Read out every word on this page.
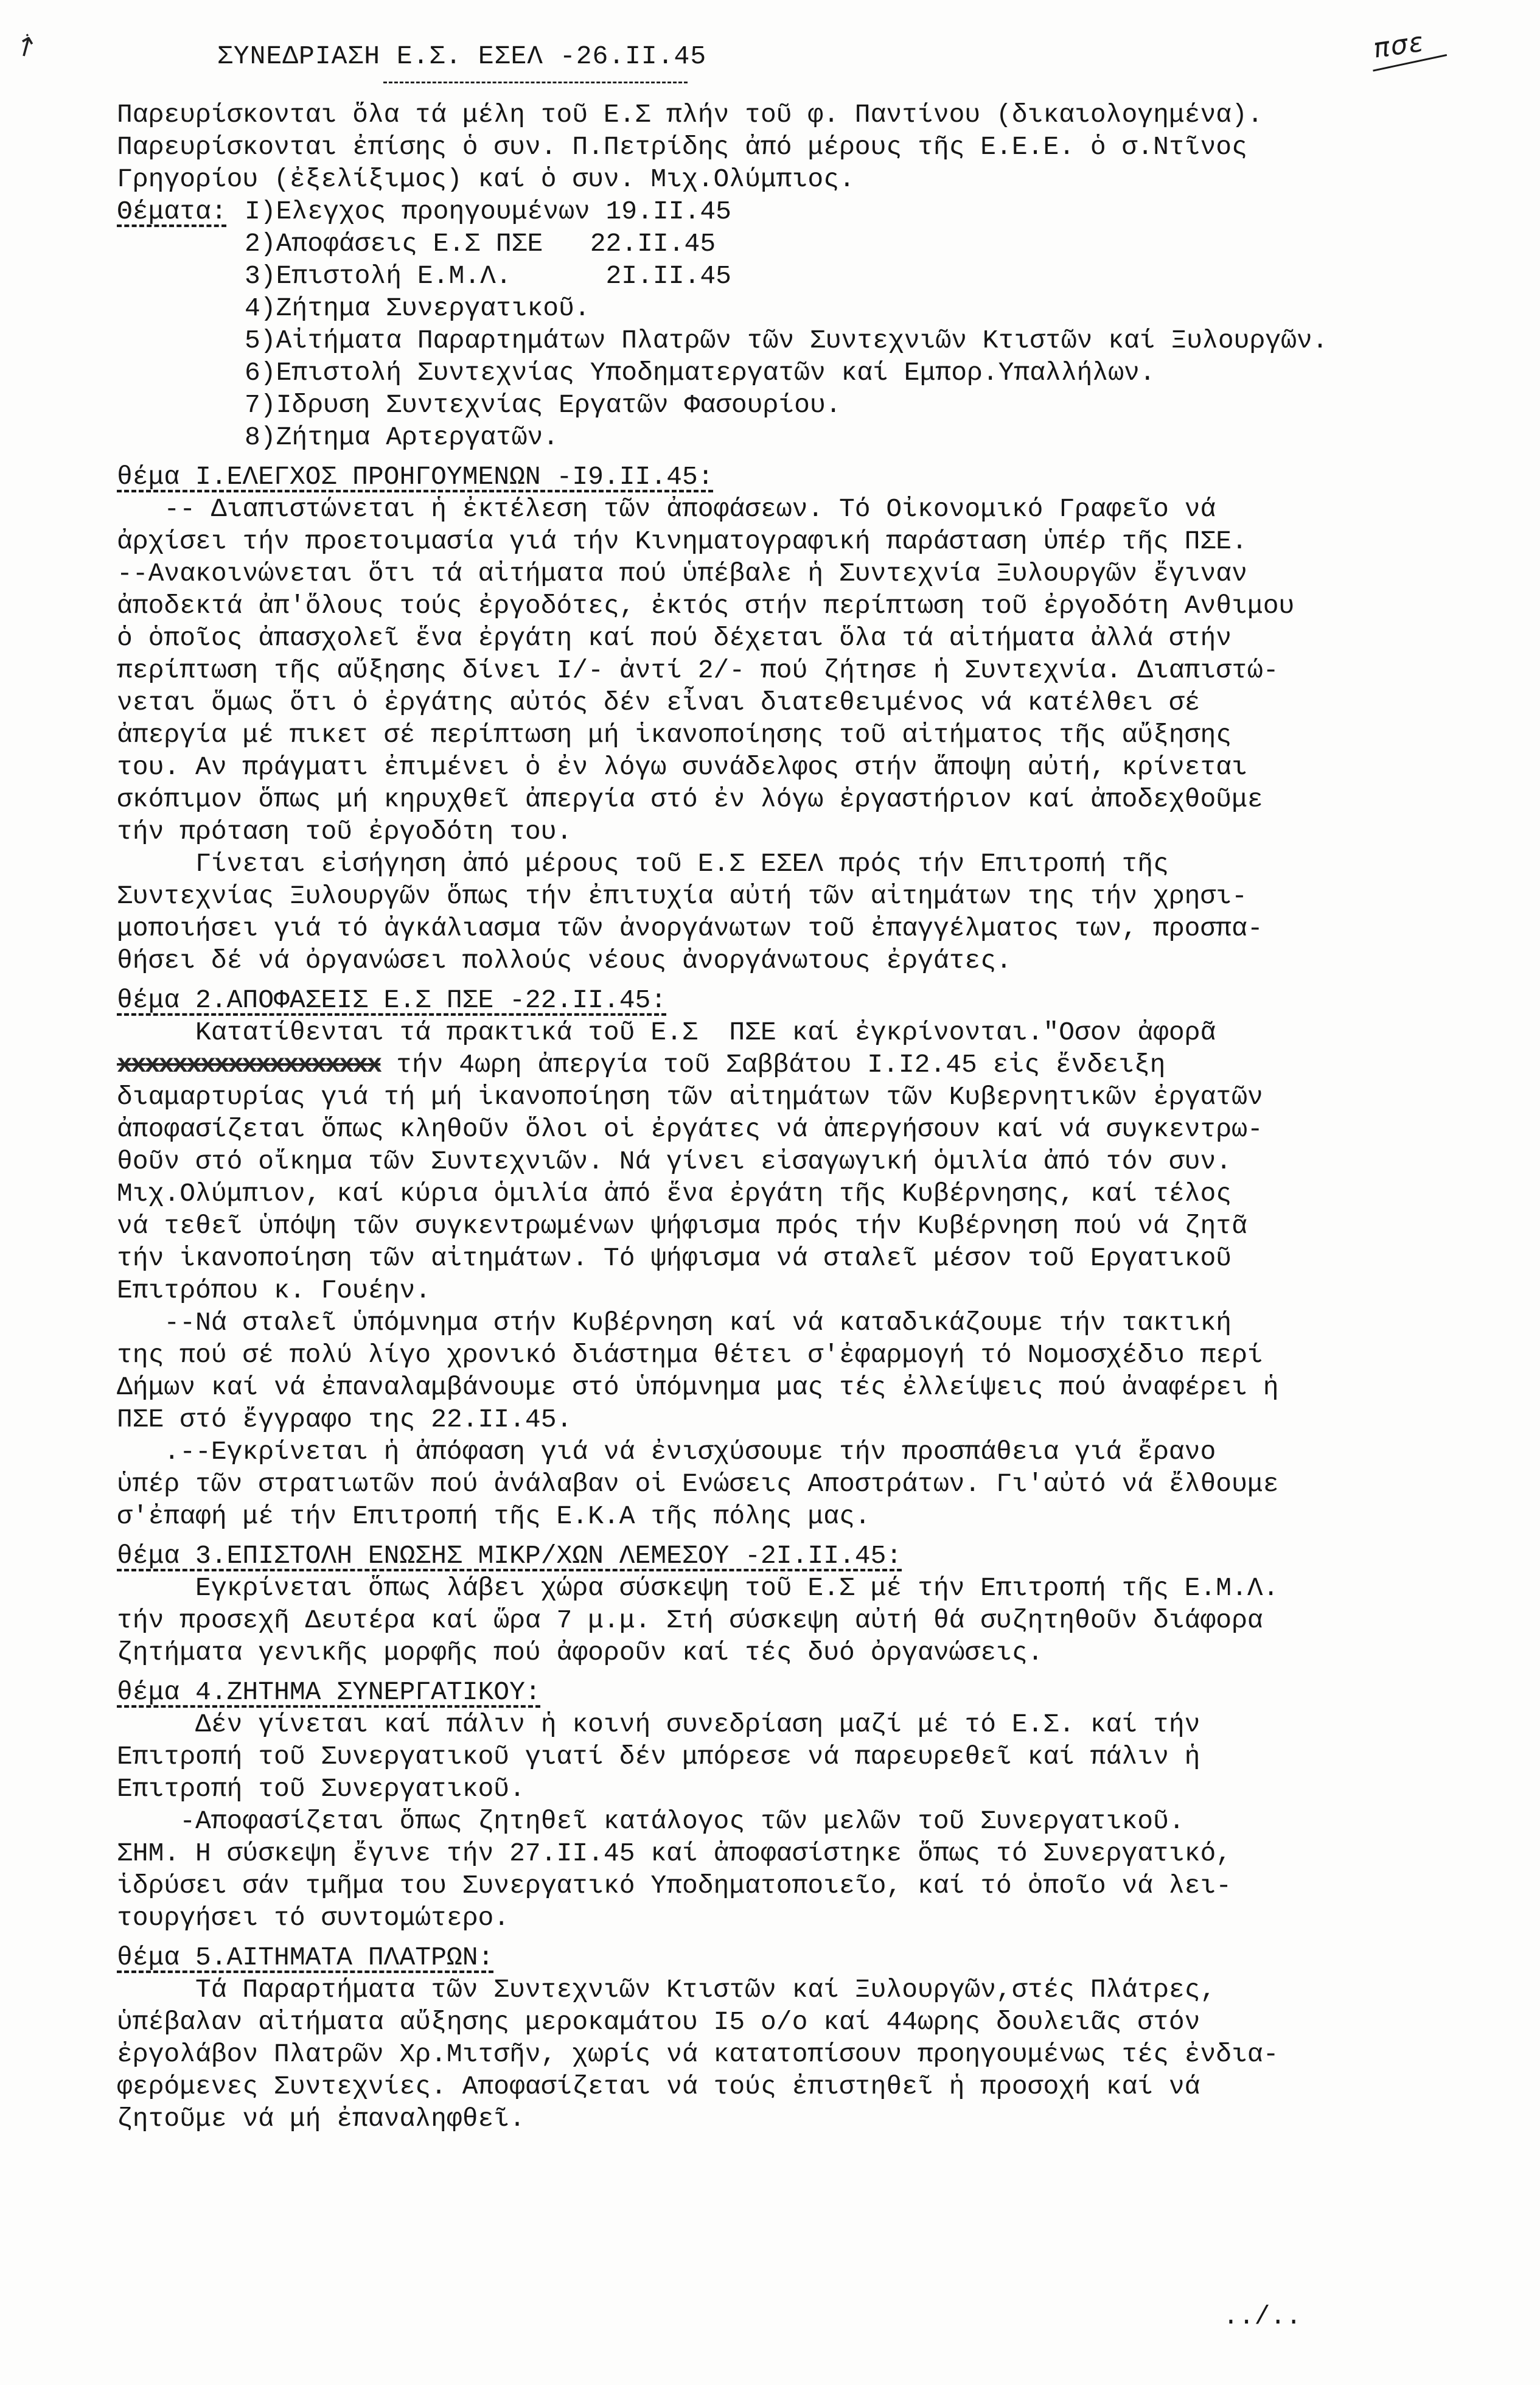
ׁ↗	ΣΥΝΕΔΡΙΑΣΗ Ε.Σ. ΕΣΕΛ -26.ΙΙ.45	πσε
Παρευρίσκονται ὅλα τά μέλη τοῦ Ε.Σ πλήν τοῦ φ. Παντίνου (δικαιολογημένα).
Παρευρίσκονται ἐπίσης ὁ συν. Π.Πετρίδης ἀπό μέρους τῆς Ε.Ε.Ε. ὁ σ.Ντῖνος
Γρηγορίου (ἐξελίξιμος) καί ὁ συν. Μιχ.Ολύμπιος.
Θέματα: Ι)Ελεγχος προηγουμένων 19.ΙΙ.45
2)Αποφάσεις Ε.Σ ΠΣΕ   22.ΙΙ.45
3)Επιστολή Ε.Μ.Λ.      2Ι.ΙΙ.45
4)Ζήτημα Συνεργατικοῦ.
5)Αἰτήματα Παραρτημάτων Πλατρῶν τῶν Συντεχνιῶν Κτιστῶν καί Ξυλουργῶν.
6)Επιστολή Συντεχνίας Υποδηματεργατῶν καί Εμπορ.Υπαλλήλων.
7)Ιδρυση Συντεχνίας Εργατῶν Φασουρίου.
8)Ζήτημα Αρτεργατῶν.
θέμα Ι.ΕΛΕΓΧΟΣ ΠΡΟΗΓΟΥΜΕΝΩΝ -Ι9.ΙΙ.45:
-- Διαπιστώνεται ἡ ἐκτέλεση τῶν ἀποφάσεων. Τό Οἰκονομικό Γραφεῖο νά
ἀρχίσει τήν προετοιμασία γιά τήν Κινηματογραφική παράσταση ὑπέρ τῆς ΠΣΕ.
--Ανακοινώνεται ὅτι τά αἰτήματα πού ὑπέβαλε ἡ Συντεχνία Ξυλουργῶν ἔγιναν
ἀποδεκτά ἀπ'ὅλους τούς ἐργοδότες, ἐκτός στήν περίπτωση τοῦ ἐργοδότη Ανθιμου
ὁ ὁποῖος ἀπασχολεῖ ἕνα ἐργάτη καί πού δέχεται ὅλα τά αἰτήματα ἀλλά στήν
περίπτωση τῆς αὔξησης δίνει Ι/- ἀντί 2/- πού ζήτησε ἡ Συντεχνία. Διαπιστώ-
νεται ὅμως ὅτι ὁ ἐργάτης αὐτός δέν εἶναι διατεθειμένος νά κατέλθει σέ
ἀπεργία μέ πικετ σέ περίπτωση μή ἱκανοποίησης τοῦ αἰτήματος τῆς αὔξησης
του. Αν πράγματι ἐπιμένει ὁ ἐν λόγω συνάδελφος στήν ἄποψη αὐτή, κρίνεται
σκόπιμον ὅπως μή κηρυχθεῖ ἀπεργία στό ἐν λόγω ἐργαστήριον καί ἀποδεχθοῦμε
τήν πρόταση τοῦ ἐργοδότη του.
Γίνεται εἰσήγηση ἀπό μέρους τοῦ Ε.Σ ΕΣΕΛ πρός τήν Επιτροπή τῆς
Συντεχνίας Ξυλουργῶν ὅπως τήν ἐπιτυχία αὐτή τῶν αἰτημάτων της τήν χρησι-
μοποιήσει γιά τό ἀγκάλιασμα τῶν ἀνοργάνωτων τοῦ ἐπαγγέλματος των, προσπα-
θήσει δέ νά ὀργανώσει πολλούς νέους ἀνοργάνωτους ἐργάτες.
θέμα 2.ΑΠΟΦΑΣΕΙΣ Ε.Σ ΠΣΕ -22.ΙΙ.45:
Κατατίθενται τά πρακτικά τοῦ Ε.Σ  ΠΣΕ καί ἐγκρίνονται."Οσον ἀφορᾶ
xxxxxxxxxxxxxxxxxxx τήν 4ωρη ἀπεργία τοῦ Σαββάτου Ι.Ι2.45 εἰς ἔνδειξη
διαμαρτυρίας γιά τή μή ἱκανοποίηση τῶν αἰτημάτων τῶν Κυβερνητικῶν ἐργατῶν
ἀποφασίζεται ὅπως κληθοῦν ὅλοι οἱ ἐργάτες νά ἀπεργήσουν καί νά συγκεντρω-
θοῦν στό οἴκημα τῶν Συντεχνιῶν. Νά γίνει εἰσαγωγική ὁμιλία ἀπό τόν συν.
Μιχ.Ολύμπιον, καί κύρια ὁμιλία ἀπό ἕνα ἐργάτη τῆς Κυβέρνησης, καί τέλος
νά τεθεῖ ὑπόψη τῶν συγκεντρωμένων ψήφισμα πρός τήν Κυβέρνηση πού νά ζητᾶ
τήν ἱκανοποίηση τῶν αἰτημάτων. Τό ψήφισμα νά σταλεῖ μέσον τοῦ Εργατικοῦ
Επιτρόπου κ. Γουέην.
--Νά σταλεῖ ὑπόμνημα στήν Κυβέρνηση καί νά καταδικάζουμε τήν τακτική
της πού σέ πολύ λίγο χρονικό διάστημα θέτει σ'ἐφαρμογή τό Νομοσχέδιο περί
Δήμων καί νά ἐπαναλαμβάνουμε στό ὑπόμνημα μας τές ἐλλείψεις πού ἀναφέρει ἡ
ΠΣΕ στό ἔγγραφο της 22.ΙΙ.45.
.--Εγκρίνεται ἡ ἀπόφαση γιά νά ἐνισχύσουμε τήν προσπάθεια γιά ἔρανο
ὑπέρ τῶν στρατιωτῶν πού ἀνάλαβαν οἱ Ενώσεις Αποστράτων. Γι'αὐτό νά ἔλθουμε
σ'ἐπαφή μέ τήν Επιτροπή τῆς Ε.Κ.Α τῆς πόλης μας.
θέμα 3.ΕΠΙΣΤΟΛΗ ΕΝΩΣΗΣ ΜΙΚΡ/ΧΩΝ ΛΕΜΕΣΟΥ -2Ι.ΙΙ.45:
Εγκρίνεται ὅπως λάβει χώρα σύσκεψη τοῦ Ε.Σ μέ τήν Επιτροπή τῆς Ε.Μ.Λ.
τήν προσεχῆ Δευτέρα καί ὥρα 7 μ.μ. Στή σύσκεψη αὐτή θά συζητηθοῦν διάφορα
ζητήματα γενικῆς μορφῆς πού ἀφοροῦν καί τές δυό ὀργανώσεις.
θέμα 4.ΖΗΤΗΜΑ ΣΥΝΕΡΓΑΤΙΚΟΥ:
Δέν γίνεται καί πάλιν ἡ κοινή συνεδρίαση μαζί μέ τό Ε.Σ. καί τήν
Επιτροπή τοῦ Συνεργατικοῦ γιατί δέν μπόρεσε νά παρευρεθεῖ καί πάλιν ἡ
Επιτροπή τοῦ Συνεργατικοῦ.
-Αποφασίζεται ὅπως ζητηθεῖ κατάλογος τῶν μελῶν τοῦ Συνεργατικοῦ.
ΣΗΜ. Η σύσκεψη ἔγινε τήν 27.ΙΙ.45 καί ἀποφασίστηκε ὅπως τό Συνεργατικό,
ἱδρύσει σάν τμῆμα του Συνεργατικό Υποδηματοποιεῖο, καί τό ὁποῖο νά λει-
τουργήσει τό συντομώτερο.
θέμα 5.ΑΙΤΗΜΑΤΑ ΠΛΑΤΡΩΝ:
Τά Παραρτήματα τῶν Συντεχνιῶν Κτιστῶν καί Ξυλουργῶν,στές Πλάτρες,
ὑπέβαλαν αἰτήματα αὔξησης μεροκαμάτου Ι5 ο/ο καί 44ωρης δουλειᾶς στόν
ἐργολάβον Πλατρῶν Χρ.Μιτσῆν, χωρίς νά κατατοπίσουν προηγουμένως τές ἐνδια-
φερόμενες Συντεχνίες. Αποφασίζεται νά τούς ἐπιστηθεῖ ἡ προσοχή καί νά
ζητοῦμε νά μή ἐπαναληφθεῖ.
../..
